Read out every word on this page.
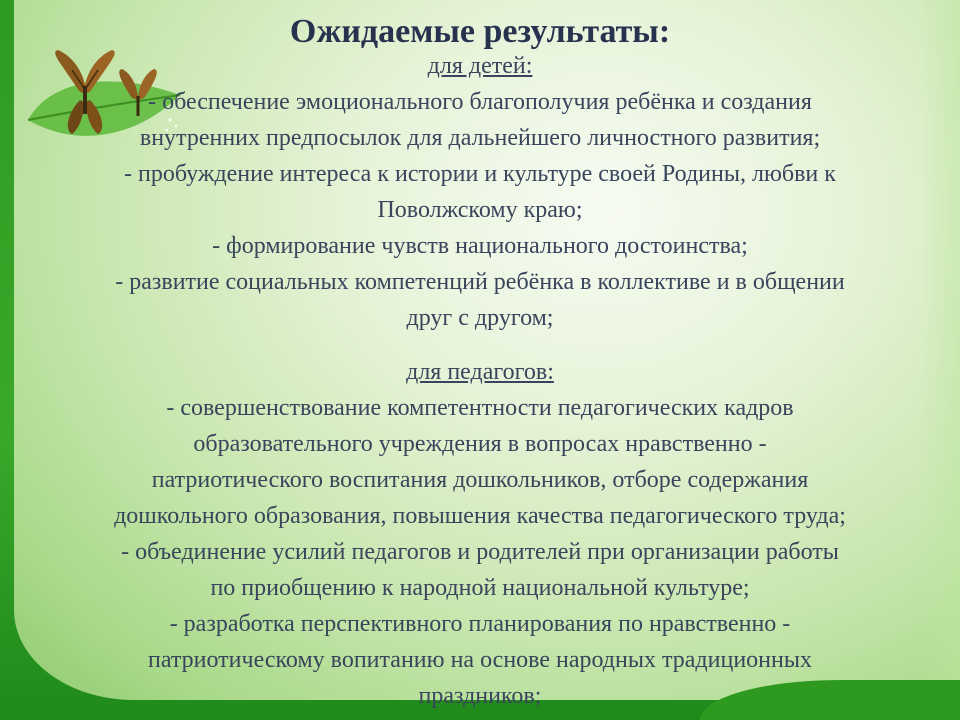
Ожидаемые результаты:

для детей:

- обеспечение эмоционального благополучия ребёнка и создания

внутренних предпосылок для дальнейшего личностного развития;

- пробуждение интереса к истории и культуре своей Родины, любви к

Поволжскому краю;

- формирование чувств национального достоинства;

- развитие социальных компетенций ребёнка в коллективе и в общении

друг с другом;

для педагогов:

- совершенствование компетентности педагогических кадров

образовательного учреждения в вопросах нравственно -

патриотического воспитания дошкольников, отборе содержания

дошкольного образования, повышения качества педагогического труда;

- объединение усилий педагогов и родителей при организации работы

по приобщению к народной национальной культуре;

- разработка перспективного планирования по нравственно -

патриотическому вопитанию на основе народных традиционных

праздников;
